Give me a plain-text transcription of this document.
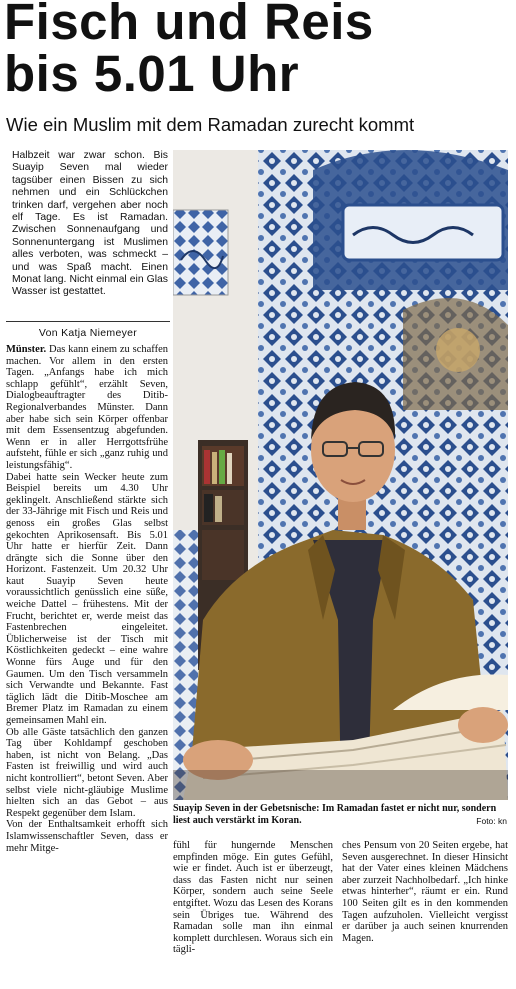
Fisch und Reis
bis 5.01 Uhr
Wie ein Muslim mit dem Ramadan zurecht kommt
Halbzeit war zwar schon. Bis Suayip Seven mal wieder tagsüber einen Bissen zu sich nehmen und ein Schlückchen trinken darf, vergehen aber noch elf Tage. Es ist Ramadan. Zwischen Sonnenaufgang und Sonnenuntergang ist Muslimen alles verboten, was schmeckt – und was Spaß macht. Einen Monat lang. Nicht einmal ein Glas Wasser ist gestattet.
Von Katja Niemeyer

Münster. Das kann einem zu schaffen machen. Vor allem in den ersten Tagen. „Anfangs habe ich mich schlapp gefühlt“, erzählt Seven, Dialogbeauftragter des Ditib-Regionalverbandes Münster. Dann aber habe sich sein Körper offenbar mit dem Essensentzug abgefunden. Wenn er in aller Herrgottsfrühe aufsteht, fühle er sich „ganz ruhig und leistungsfähig“.

Dabei hatte sein Wecker heute zum Beispiel bereits um 4.30 Uhr geklingelt. Anschließend stärkte sich der 33-Jährige mit Fisch und Reis und genoss ein großes Glas selbst gekochten Aprikosensaft. Bis 5.01 Uhr hatte er hierfür Zeit. Dann drängte sich die Sonne über den Horizont. Fastenzeit. Um 20.32 Uhr kaut Suayip Seven heute voraussichtlich genüsslich eine süße, weiche Dattel – frühestens. Mit der Frucht, berichtet er, werde meist das Fastenbrechen eingeleitet. Üblicherweise ist der Tisch mit Köstlichkeiten gedeckt – eine wahre Wonne fürs Auge und für den Gaumen. Um den Tisch versammeln sich Verwandte und Bekannte. Fast täglich lädt die Ditib-Moschee am Bremer Platz im Ramadan zu einem gemeinsamen Mahl ein.

Ob alle Gäste tatsächlich den ganzen Tag über Kohldampf geschoben haben, ist nicht von Belang. „Das Fasten ist freiwillig und wird auch nicht kontrolliert“, betont Seven. Aber selbst viele nicht-gläubige Muslime hielten sich an das Gebot – aus Respekt gegenüber dem Islam.

Von der Enthaltsamkeit erhofft sich Islamwissenschaftler Seven, dass er mehr Mitge-

Suayip Seven in der Gebetsnische: Im Ramadan fastet er nicht nur, sondern liest auch verstärkt im Koran.	Foto: kn
fühl für hungernde Menschen empfinden möge. Ein gutes Gefühl, wie er findet. Auch ist er überzeugt, dass das Fasten nicht nur seinen Körper, sondern auch seine Seele entgiftet. Wozu das Lesen des Korans sein Übriges tue. Während des Ramadan solle man ihn einmal komplett durchlesen. Woraus sich ein tägli-
ches Pensum von 20 Seiten ergebe, hat Seven ausgerechnet. In dieser Hinsicht hat der Vater eines kleinen Mädchens aber zurzeit Nachholbedarf. „Ich hinke etwas hinterher“, räumt er ein. Rund 100 Seiten gilt es in den kommenden Tagen aufzuholen. Vielleicht vergisst er darüber ja auch seinen knurrenden Magen.
